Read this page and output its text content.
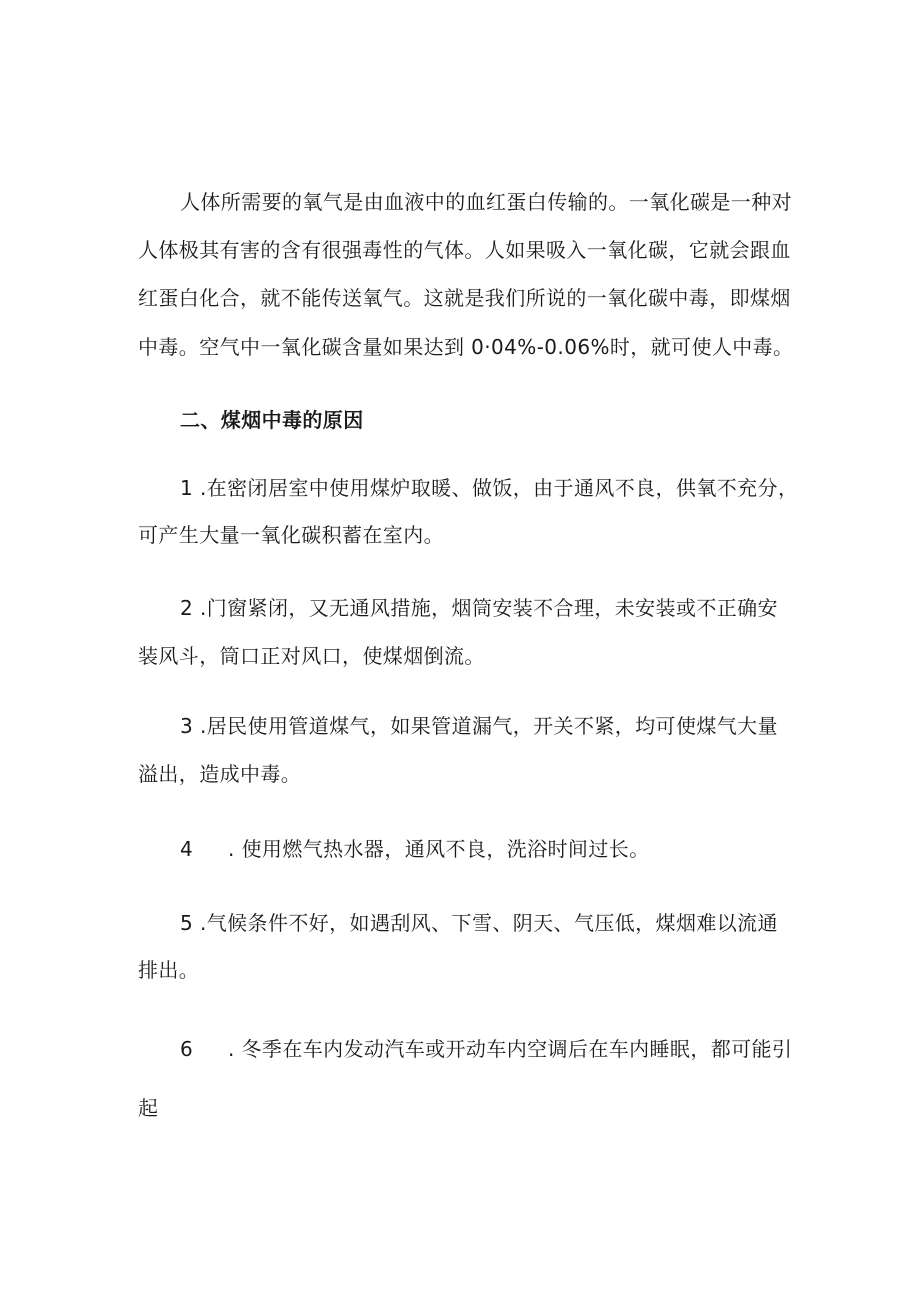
人体所需要的氧气是由血液中的血红蛋白传输的。一氧化碳是一种对
人体极其有害的含有很强毒性的气体。人如果吸入一氧化碳，它就会跟血
红蛋白化合，就不能传送氧气。这就是我们所说的一氧化碳中毒，即煤烟
中毒。空气中一氧化碳含量如果达到 0·04%-0.06%时，就可使人中毒。
二、煤烟中毒的原因
1 .在密闭居室中使用煤炉取暖、做饭，由于通风不良，供氧不充分，
可产生大量一氧化碳积蓄在室内。
2 .门窗紧闭，又无通风措施，烟筒安装不合理，未安装或不正确安
装风斗，筒口正对风口，使煤烟倒流。
3 .居民使用管道煤气，如果管道漏气，开关不紧，均可使煤气大量
溢出，造成中毒。
4 . 使用燃气热水器，通风不良，洗浴时间过长。
5 .气候条件不好，如遇刮风、下雪、阴天、气压低，煤烟难以流通
排出。
6 . 冬季在车内发动汽车或开动车内空调后在车内睡眠，都可能引
起
